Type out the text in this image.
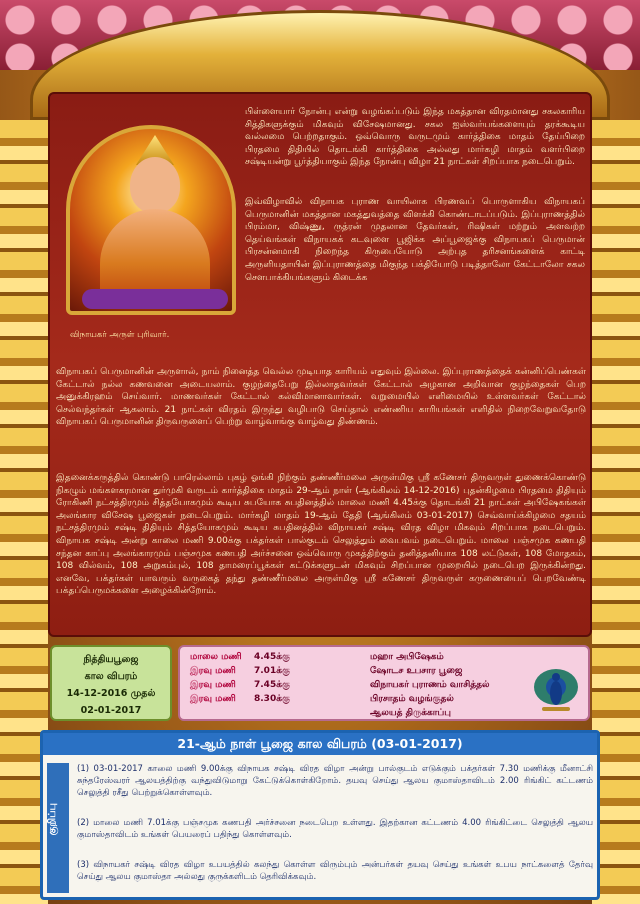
விநாயகர் அருள் புரிவார்.

பிள்ளையார் நோன்பு என்று வழங்கப்படும் இந்த மகத்தான விரதமானது சகலகாரிய சித்திகளுக்கும் மிகவும் விசேஷமானது. சகல ஐஸ்வர்யங்களையும் தரக்கூடிய வல்லமை பெற்றதாகும். ஒவ்வொரு வருடமும் கார்த்திகை மாதம் தேய்பிறை பிரதமை திதியில் தொடங்கி கார்த்திகை அல்லது மார்கழி மாதம் வளர்பிறை சஷ்டியன்று பூர்த்தியாகும் இந்த நோன்பு விழா 21 நாட்கள் சிறப்பாக நடைபெறும்.

இவ்விழாவில் விநாயக புராண வாயிலாக பிரணவப் பொருளாகிய விநாயகப் பெருமானின் மகத்தான மகத்துவத்தை விளக்கி கொண்டாடப்படும். இப்புராணத்தில் பிரம்மா, விஷ்ணு, ருத்ரன் முதலான தேவர்கள், ரிஷிகள் மற்றும் அளவற்ற தெய்வங்கள் விநாயகக் கடவுளை பூஜிக்க அப்பூஜைக்கு விநாயகப் பெருமான் பிரசன்னமாகி நிறைந்த கிருபையோடு அற்புத தரிசனங்களைக் காட்டி அருளியதாயின் இப்புராணத்தை மிகுந்த பக்தியோடு படித்தாலோ கேட்டாலோ சகல சௌபாக்கியங்களும் கிடைக்க

விநாயகப் பெருமானின் அருளால், நாம் நினைத்த வெல்ல முடியாத காரியம் எதுவும் இல்லை. இப்புராணத்தைக் கன்னிப்பெண்கள் கேட்டால் நல்ல கணவனை அடையலாம். குழந்தைபேறு இல்லாதவர்கள் கேட்டால் அழகான அறிவான குழந்தைகள் பெற அனுக்கிரஹம் செய்வார். மாணவர்கள் கேட்டால் கல்விமானாவார்கள். வறுமையில் எளிமையில் உள்ளவர்கள் கேட்டால் செல்வந்தர்கள் ஆகலாம். 21 நாட்கள் விரதம் இருந்து வழிபாடு செய்தால் எண்ணிய காரியங்கள் எளிதில் நிறைவேறுவதோடு விநாயகப் பெருமானின் திருவருளைப் பெற்று வாழ்வாங்கு வாழ்வது திண்ணம்.

இதனைக்கருத்தில் கொண்டு பாரெல்லாம் புகழ் ஓங்கி நிற்கும் தண்ணீர்மலை அருள்மிகு ஸ்ரீ கணேசர் திருவருள் துணைக்கொண்டு நிகழும் மங்களகரமான துர்முகி வருடம் கார்த்திகை மாதம் 29-ஆம் நாள் (ஆங்கிலம் 14-12-2016) புதன்கிழமை பிரதமை திதியும் ரோகிணி நட்சத்திரமும் சித்தயோகமும் கூடிய சுபயோக சுபதினத்தில் மாலை மணி 4.45க்கு தொடங்கி 21 நாட்கள் அபிஷேகங்கள் அலங்கார விசேஷ பூஜைகள் நடைபெறும். மார்கழி மாதம் 19-ஆம் தேதி (ஆங்கிலம் 03-01-2017) செவ்வாய்க்கிழமை சதயம் நட்சத்திரமும் சஷ்டி திதியும் சித்தயோகமும் கூடிய சுபதினத்தில் விநாயகர் சஷ்டி விரத விழா மிகவும் சிறப்பாக நடைபெறும். விநாயக சஷ்டி அன்று காலை மணி 9.00க்கு பக்தர்கள் பால்குடம் செலுத்தும் வைபவம் நடைபெறும். மாலை பஞ்சமுக கணபதி சந்தன காப்பு அலங்காரமும் பஞ்சமுக கணபதி அர்ச்சனை ஒவ்வொரு முகத்திற்கும் தனித்தனியாக 108 லட்டுகள், 108 மோதகம், 108 வில்வம், 108 அறுகம்புல், 108 தாமரைப்பூக்கள் கட்டுக்களுடன் மிகவும் சிறப்பான முறையில் நடைபெற இருக்கின்றது. எனவே, பக்தர்கள் யாவரும் வருகைத் தந்து தண்ணீர்மலை அருள்மிகு ஸ்ரீ கணேசர் திருவருள் கருணையைப் பெறவேண்டி பக்தப்பெருமக்களை அழைக்கின்றோம்.

நித்தியபூஜை
கால விபரம்
14-12-2016 முதல்
02-01-2017
மாலை மணி	4.45க்கு	மஹா அபிஷேகம்
இரவு மணி	7.01க்கு	ஷோடச உபசார பூஜை
இரவு மணி	7.45க்கு	விநாயகர் புராணம் வாசித்தல்
இரவு மணி	8.30க்கு	பிரசாதம் வழங்குதல்
ஆலயத் திருக்காப்பு
21-ஆம் நாள் பூஜை கால விபரம் (03-01-2017)
குறிப்பு

(1) 03-01-2017 காலை மணி 9.00க்கு விநாயக சஷ்டி விரத விழா அன்று பால்குடம் எடுக்கும் பக்தர்கள் 7.30 மணிக்கு மீனாட்சி சுந்தரேஸ்வரர் ஆலயத்திற்கு வந்துவிடுமாறு கேட்டுக்கொள்கிறோம். தயவு செய்து ஆலய குமாஸ்தாவிடம் 2.00 ரிங்கிட் கட்டணம் செலுத்தி ரசீது பெற்றுக்கொள்ளவும்.

(2) மாலை மணி 7.01க்கு பஞ்சமுக கணபதி அர்ச்சனை நடைபெற உள்ளது. இதற்கான கட்டணம் 4.00 ரிங்கிட்டை செலுத்தி ஆலய குமாஸ்தாவிடம் உங்கள் பெயரைப் பதிந்து கொள்ளவும்.

(3) விநாயகர் சஷ்டி விரத விழா உபயத்தில் கலந்து கொள்ள விரும்பும் அன்பர்கள் தயவு செய்து உங்கள் உபய நாட்களைத் தேர்வு செய்து ஆலய குமாஸ்தா அல்லது குருக்களிடம் தெரிவிக்கவும்.
